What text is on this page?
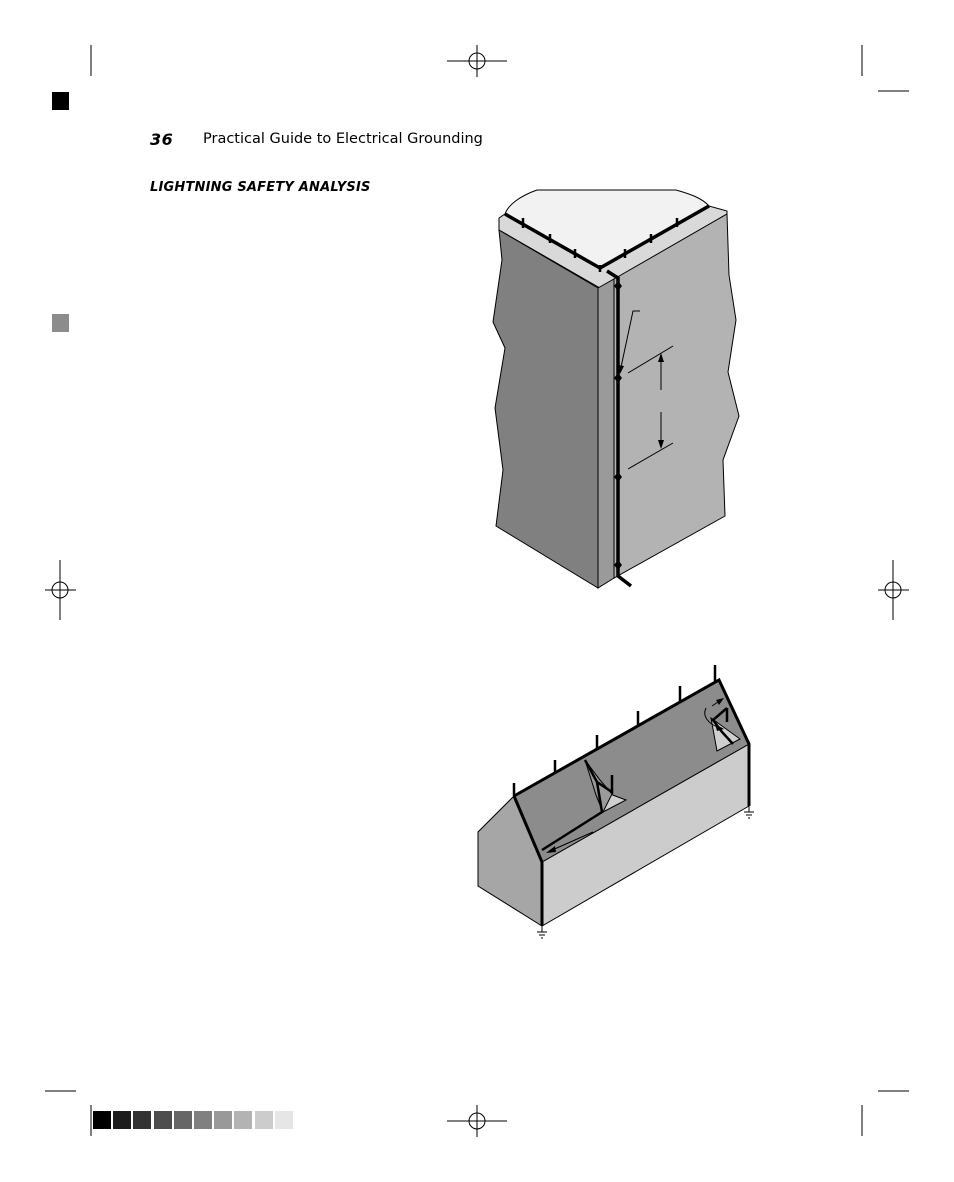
36 Practical Guide to Electrical Grounding
LIGHTNING SAFETY ANALYSIS
